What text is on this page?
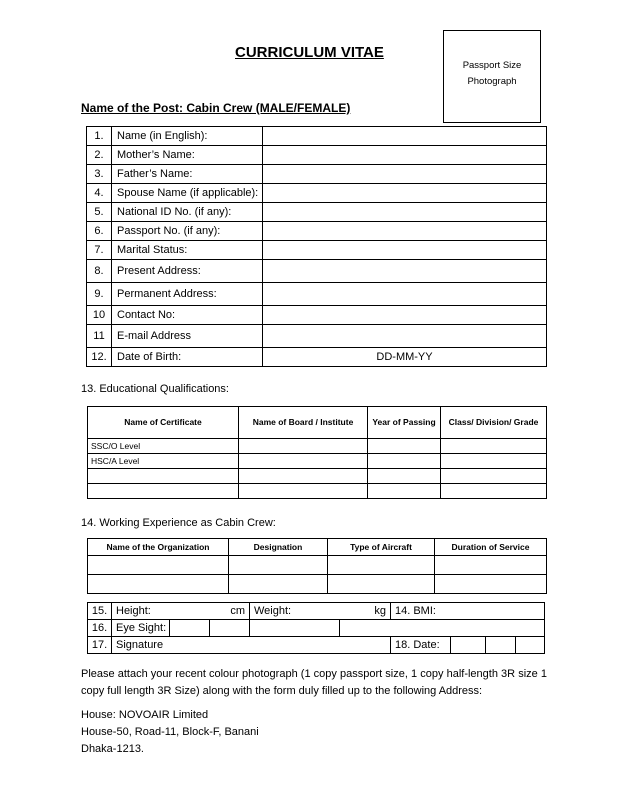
CURRICULUM VITAE
Passport Size
Photograph
Name of the Post: Cabin Crew (MALE/FEMALE)
1.	Name (in English):	
2.	Mother’s Name:	
3.	Father’s Name:	
4.	Spouse Name (if applicable):	
5.	National ID No. (if any):	
6.	Passport No. (if any):	
7.	Marital Status:	
8.	Present Address:	
9.	Permanent Address:	
10	Contact No:	
11	E-mail Address	
12.	Date of Birth:	DD-MM-YY
13. Educational Qualifications:
Name of Certificate	Name of Board / Institute	Year of Passing	Class/ Division/ Grade
SSC/O Level			
HSC/A Level			

14. Working Experience as Cabin Crew:
Name of the Organization	Designation	Type of Aircraft	Duration of Service

15.	Height: cm			Weight: kg		14. BMI:			
16.	Eye Sight:								
17.	Signature					18. Date:			
Please attach your recent colour photograph (1 copy passport size, 1 copy half-length 3R size 1 copy full length 3R Size) along with the form duly filled up to the following Address:
House: NOVOAIR Limited
House-50, Road-11, Block-F, Banani
Dhaka-1213.
